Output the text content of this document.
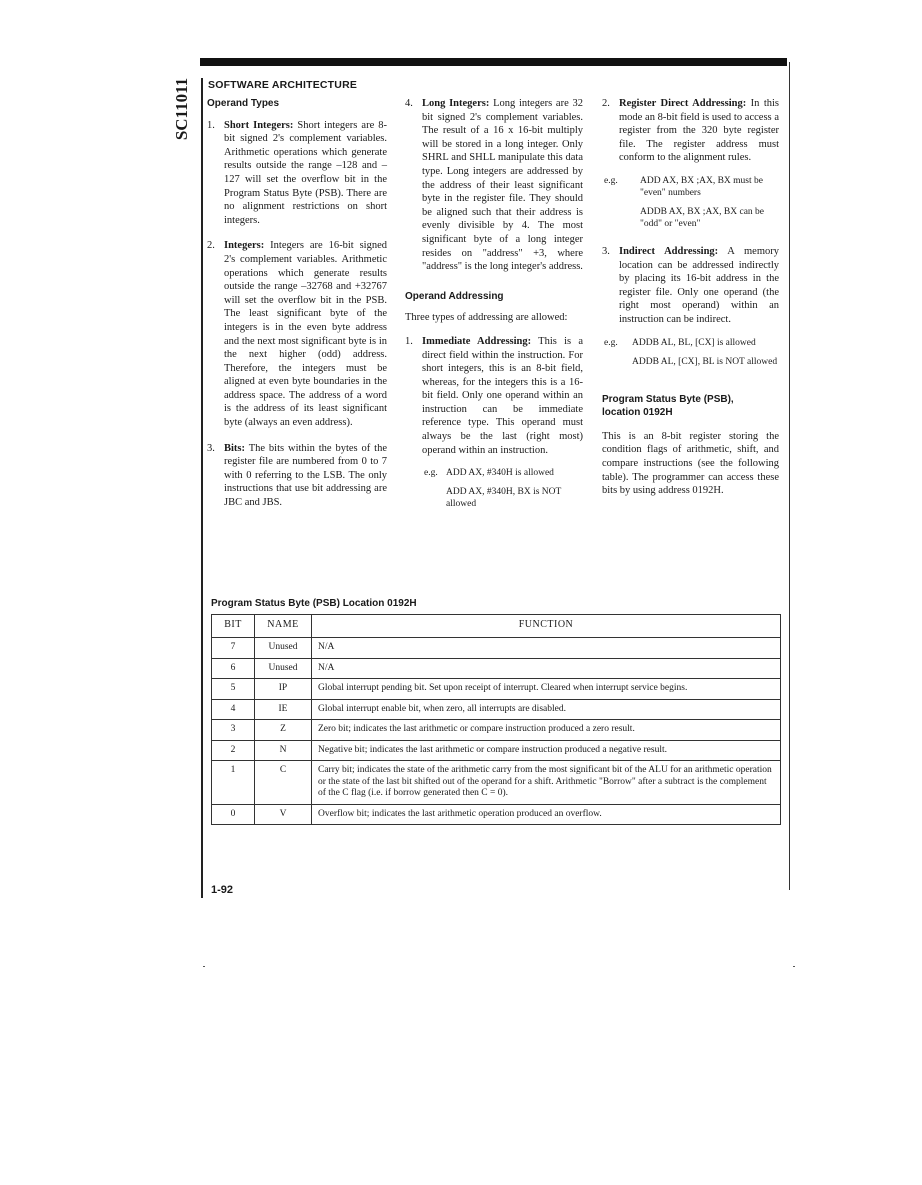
SC11011 SOFTWARE ARCHITECTURE
Operand Types
1. Short Integers: Short integers are 8-bit signed 2's complement variables. Arithmetic operations which generate results outside the range –128 and –127 will set the overflow bit in the Program Status Byte (PSB). There are no alignment restrictions on short integers.
2. Integers: Integers are 16-bit signed 2's complement variables. Arithmetic operations which generate results outside the range –32768 and +32767 will set the overflow bit in the PSB. The least significant byte of the integers is in the even byte address and the next most significant byte is in the next higher (odd) address. Therefore, the integers must be aligned at even byte boundaries in the address space. The address of a word is the address of its least significant byte (always an even address).
3. Bits: The bits within the bytes of the register file are numbered from 0 to 7 with 0 referring to the LSB. The only instructions that use bit addressing are JBC and JBS.
4. Long Integers: Long integers are 32 bit signed 2's complement variables. The result of a 16 x 16-bit multiply will be stored in a long integer. Only SHRL and SHLL manipulate this data type. Long integers are addressed by the address of their least significant byte in the register file. They should be aligned such that their address is evenly divisible by 4. The most significant byte of a long integer resides on "address" +3, where "address" is the long integer's address.
Operand Addressing
Three types of addressing are allowed:
1. Immediate Addressing: This is a direct field within the instruction. For short integers, this is an 8-bit field, whereas, for the integers this is a 16-bit field. Only one operand within an instruction can be immediate reference type. This operand must always be the last (right most) operand within an instruction.
e.g. ADD AX, #340H is allowed
ADD AX, #340H, BX is NOT allowed
2. Register Direct Addressing: In this mode an 8-bit field is used to access a register from the 320 byte register file. The register address must conform to the alignment rules.
e.g.	ADD AX, BX ;AX, BX must be "even" numbers
ADDB AX, BX ;AX, BX can be "odd" or "even"
3. Indirect Addressing: A memory location can be addressed indirectly by placing its 16-bit address in the register file. Only one operand (the right most operand) within an instruction can be indirect.
e.g.	ADDB AL, BL, [CX] is allowed
ADDB AL, [CX], BL is NOT allowed
Program Status Byte (PSB),
location 0192H
This is an 8-bit register storing the condition flags of arithmetic, shift, and compare instructions (see the following table). The programmer can access these bits by using address 0192H.
Program Status Byte (PSB) Location 0192H
BIT	NAME	FUNCTION
7	Unused	N/A
6	Unused	N/A
5	IP	Global interrupt pending bit. Set upon receipt of interrupt. Cleared when interrupt service begins.
4	IE	Global interrupt enable bit, when zero, all interrupts are disabled.
3	Z	Zero bit; indicates the last arithmetic or compare instruction produced a zero result.
2	N	Negative bit; indicates the last arithmetic or compare instruction produced a negative result.
1	C	Carry bit; indicates the state of the arithmetic carry from the most significant bit of the ALU for an arithmetic operation or the state of the last bit shifted out of the operand for a shift. Arithmetic "Borrow" after a subtract is the complement of the C flag (i.e. if borrow generated then C = 0).
0	V	Overflow bit; indicates the last arithmetic operation produced an overflow.
1-92
